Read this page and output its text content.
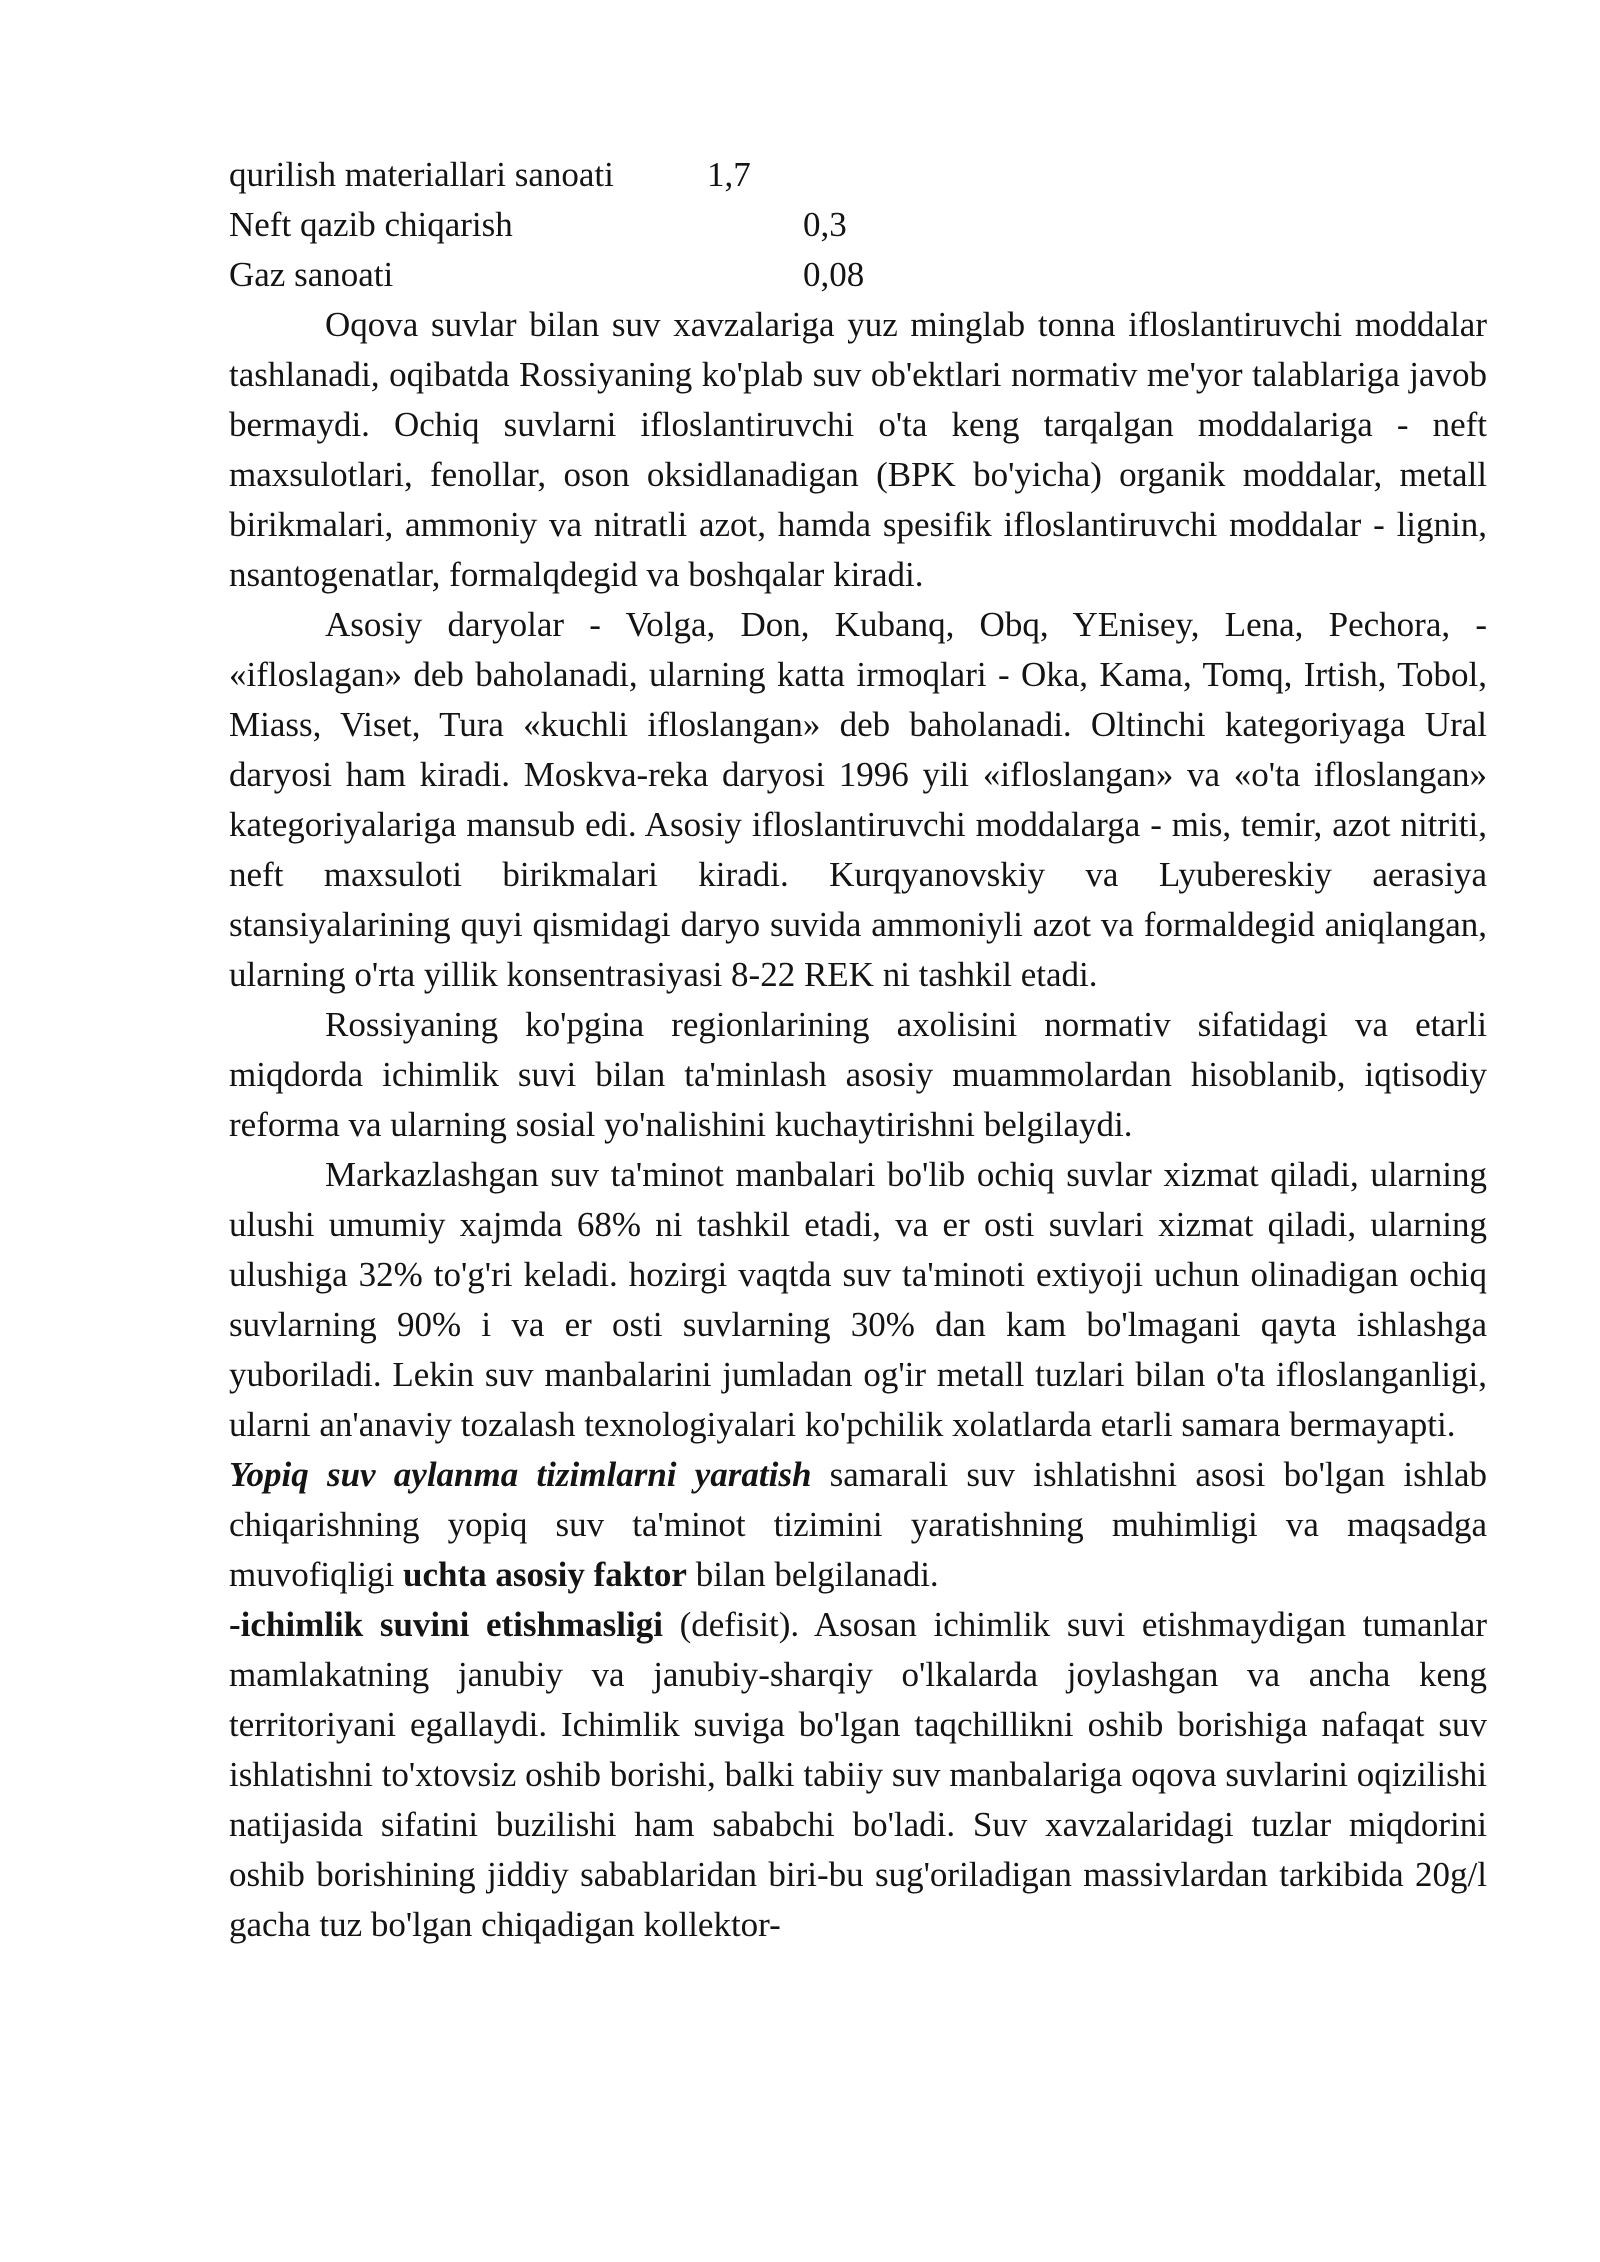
qurilish materiallari sanoati	1,7
Neft qazib chiqarish	0,3
Gaz sanoati	0,08

Oqova suvlar bilan suv xavzalariga yuz minglab tonna ifloslantiruvchi moddalar tashlanadi, oqibatda Rossiyaning ko'plab suv ob'ektlari normativ me'yor talablariga javob bermaydi. Ochiq suvlarni ifloslantiruvchi o'ta keng tarqalgan moddalariga - neft maxsulotlari, fenollar, oson oksidlanadigan (BPK bo'yicha) organik moddalar, metall birikmalari, ammoniy va nitratli azot, hamda spesifik ifloslantiruvchi moddalar - lignin, nsantogenatlar, formalqdegid va boshqalar kiradi.

Asosiy daryolar - Volga, Don, Kubanq, Obq, YEnisey, Lena, Pechora, - «ifloslagan» deb baholanadi, ularning katta irmoqlari - Oka, Kama, Tomq, Irtish, Tobol, Miass, Viset, Tura «kuchli ifloslangan» deb baholanadi. Oltinchi kategoriyaga Ural daryosi ham kiradi. Moskva-reka daryosi 1996 yili «ifloslangan» va «o'ta ifloslangan» kategoriyalariga mansub edi. Asosiy ifloslantiruvchi moddalarga - mis, temir, azot nitriti, neft maxsuloti birikmalari kiradi. Kurqyanovskiy va Lyubereskiy aerasiya stansiyalarining quyi qismidagi daryo suvida ammoniyli azot va formaldegid aniqlangan, ularning o'rta yillik konsentrasiyasi 8-22 REK ni tashkil etadi.

Rossiyaning ko'pgina regionlarining axolisini normativ sifatidagi va etarli miqdorda ichimlik suvi bilan ta'minlash asosiy muammolardan hisoblanib, iqtisodiy reforma va ularning sosial yo'nalishini kuchaytirishni belgilaydi.

Markazlashgan suv ta'minot manbalari bo'lib ochiq suvlar xizmat qiladi, ularning ulushi umumiy xajmda 68% ni tashkil etadi, va er osti suvlari xizmat qiladi, ularning ulushiga 32% to'g'ri keladi. hozirgi vaqtda suv ta'minoti extiyoji uchun olinadigan ochiq suvlarning 90% i va er osti suvlarning 30% dan kam bo'lmagani qayta ishlashga yuboriladi. Lekin suv manbalarini jumladan og'ir metall tuzlari bilan o'ta ifloslanganligi, ularni an'anaviy tozalash texnologiyalari ko'pchilik xolatlarda etarli samara bermayapti.

Yopiq suv aylanma tizimlarni yaratish samarali suv ishlatishni asosi bo'lgan ishlab chiqarishning yopiq suv ta'minot tizimini yaratishning muhimligi va maqsadga muvofiqligi uchta asosiy faktor bilan belgilanadi.

-ichimlik suvini etishmasligi (defisit). Asosan ichimlik suvi etishmaydigan tumanlar mamlakatning janubiy va janubiy-sharqiy o'lkalarda joylashgan va ancha keng territoriyani egallaydi. Ichimlik suviga bo'lgan taqchillikni oshib borishiga nafaqat suv ishlatishni to'xtovsiz oshib borishi, balki tabiiy suv manbalariga oqova suvlarini oqizilishi natijasida sifatini buzilishi ham sababchi bo'ladi. Suv xavzalaridagi tuzlar miqdorini oshib borishining jiddiy sabablaridan biri-bu sug'oriladigan massivlardan tarkibida 20g/l gacha tuz bo'lgan chiqadigan kollektor-
